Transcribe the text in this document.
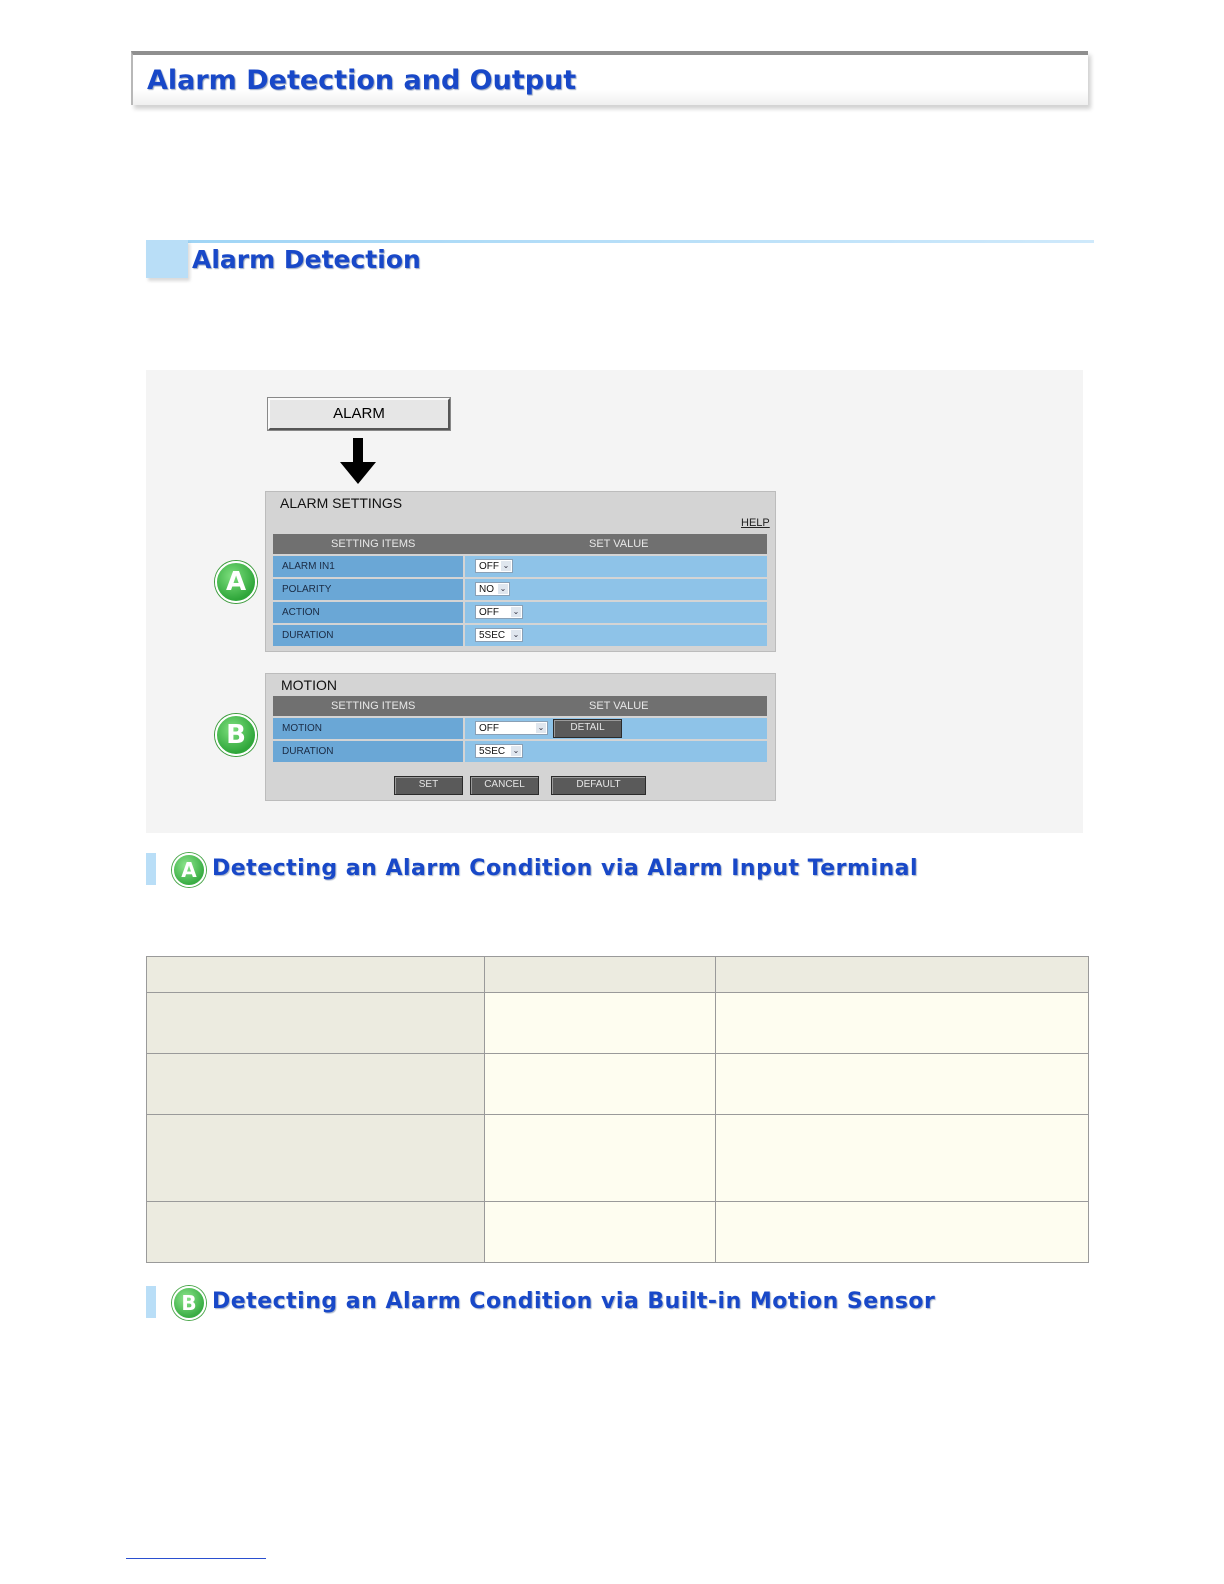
Alarm Detection and Output
Alarm Detection
ALARM
A
ALARM SETTINGS
HELP
SETTING ITEMS	SET VALUE
ALARM IN1	OFF ⌄
POLARITY	NO ⌄
ACTION	OFF ⌄
DURATION	5SEC ⌄
B
MOTION
SETTING ITEMS	SET VALUE
MOTION	OFF	⌄	DETAIL
DURATION	5SEC ⌄
SET	CANCEL	DEFAULT
A Detecting an Alarm Condition via Alarm Input Terminal

B Detecting an Alarm Condition via Built-in Motion Sensor
